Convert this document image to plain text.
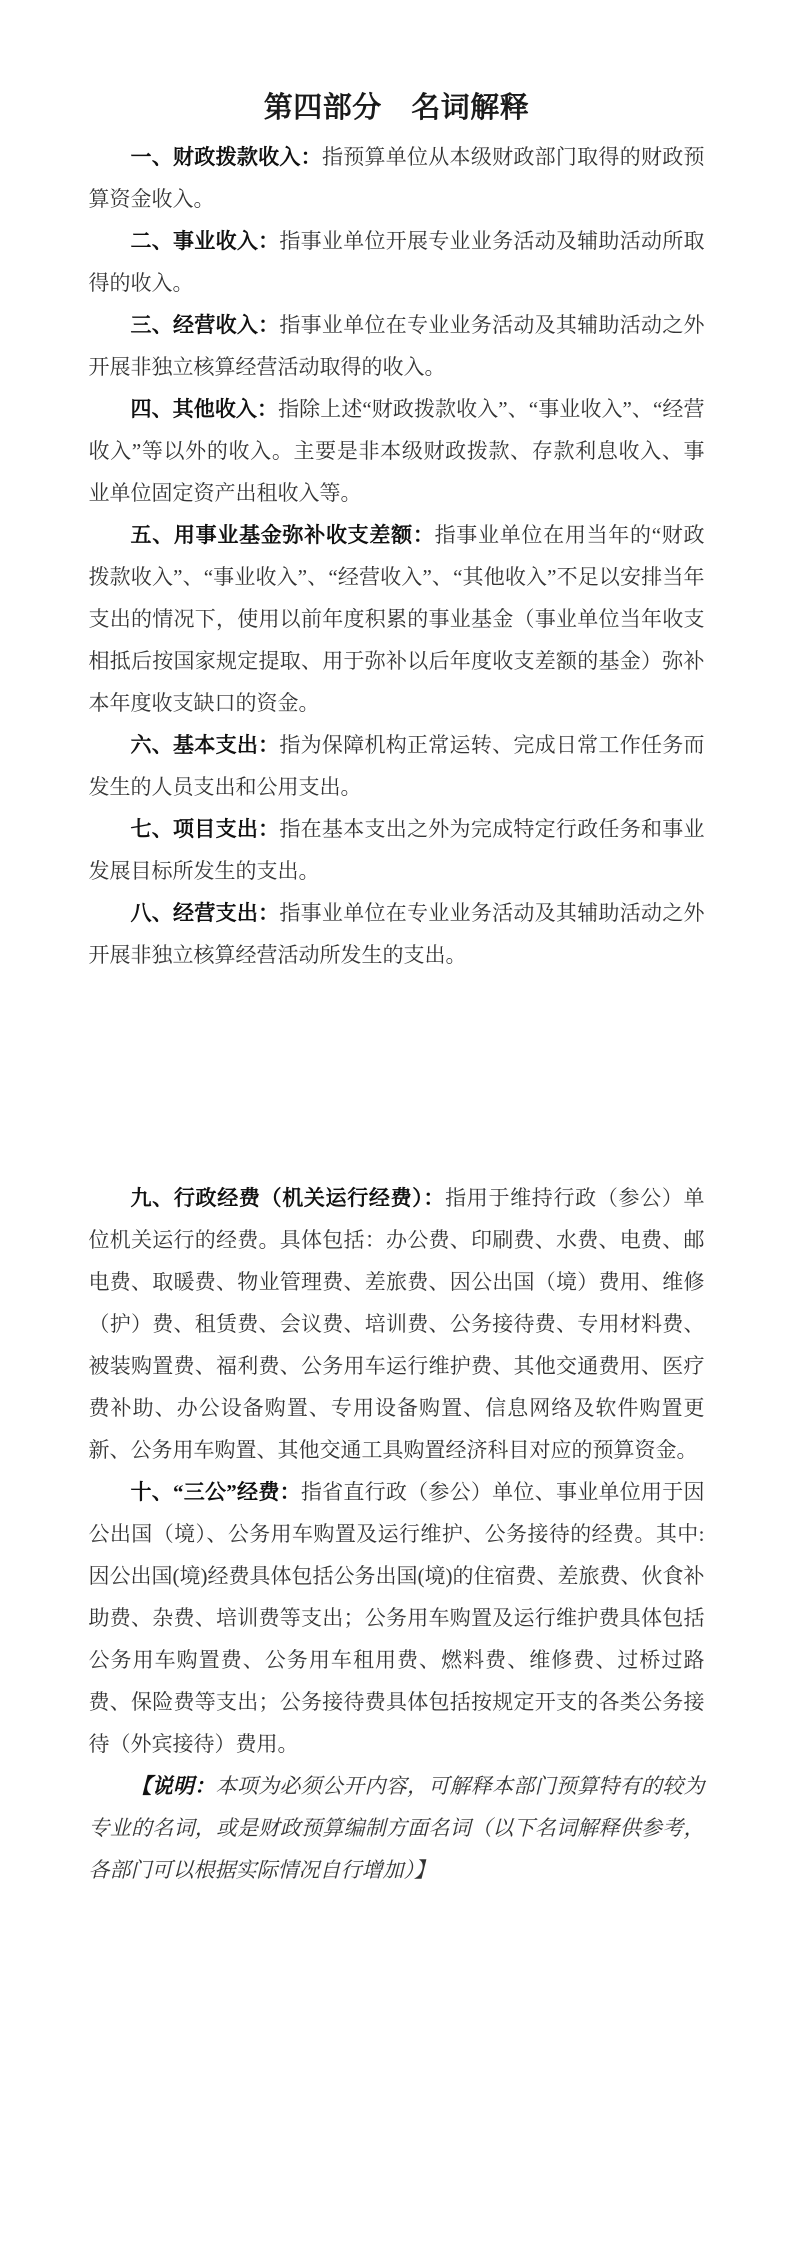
第四部分　名词解释

一、财政拨款收入：指预算单位从本级财政部门取得的财政预算资金收入。

二、事业收入：指事业单位开展专业业务活动及辅助活动所取得的收入。

三、经营收入：指事业单位在专业业务活动及其辅助活动之外开展非独立核算经营活动取得的收入。

四、其他收入：指除上述“财政拨款收入”、“事业收入”、“经营收入”等以外的收入。主要是非本级财政拨款、存款利息收入、事业单位固定资产出租收入等。

五、用事业基金弥补收支差额：指事业单位在用当年的“财政拨款收入”、“事业收入”、“经营收入”、“其他收入”不足以安排当年支出的情况下，使用以前年度积累的事业基金（事业单位当年收支相抵后按国家规定提取、用于弥补以后年度收支差额的基金）弥补本年度收支缺口的资金。

六、基本支出：指为保障机构正常运转、完成日常工作任务而发生的人员支出和公用支出。

七、项目支出：指在基本支出之外为完成特定行政任务和事业发展目标所发生的支出。

八、经营支出：指事业单位在专业业务活动及其辅助活动之外开展非独立核算经营活动所发生的支出。

九、行政经费（机关运行经费）：指用于维持行政（参公）单位机关运行的经费。具体包括：办公费、印刷费、水费、电费、邮电费、取暖费、物业管理费、差旅费、因公出国（境）费用、维修（护）费、租赁费、会议费、培训费、公务接待费、专用材料费、被装购置费、福利费、公务用车运行维护费、其他交通费用、医疗费补助、办公设备购置、专用设备购置、信息网络及软件购置更新、公务用车购置、其他交通工具购置经济科目对应的预算资金。

十、“三公”经费：指省直行政（参公）单位、事业单位用于因公出国（境）、公务用车购置及运行维护、公务接待的经费。其中:因公出国(境)经费具体包括公务出国(境)的住宿费、差旅费、伙食补助费、杂费、培训费等支出；公务用车购置及运行维护费具体包括公务用车购置费、公务用车租用费、燃料费、维修费、过桥过路费、保险费等支出；公务接待费具体包括按规定开支的各类公务接待（外宾接待）费用。

【说明：本项为必须公开内容，可解释本部门预算特有的较为专业的名词，或是财政预算编制方面名词（以下名词解释供参考，各部门可以根据实际情况自行增加）】
